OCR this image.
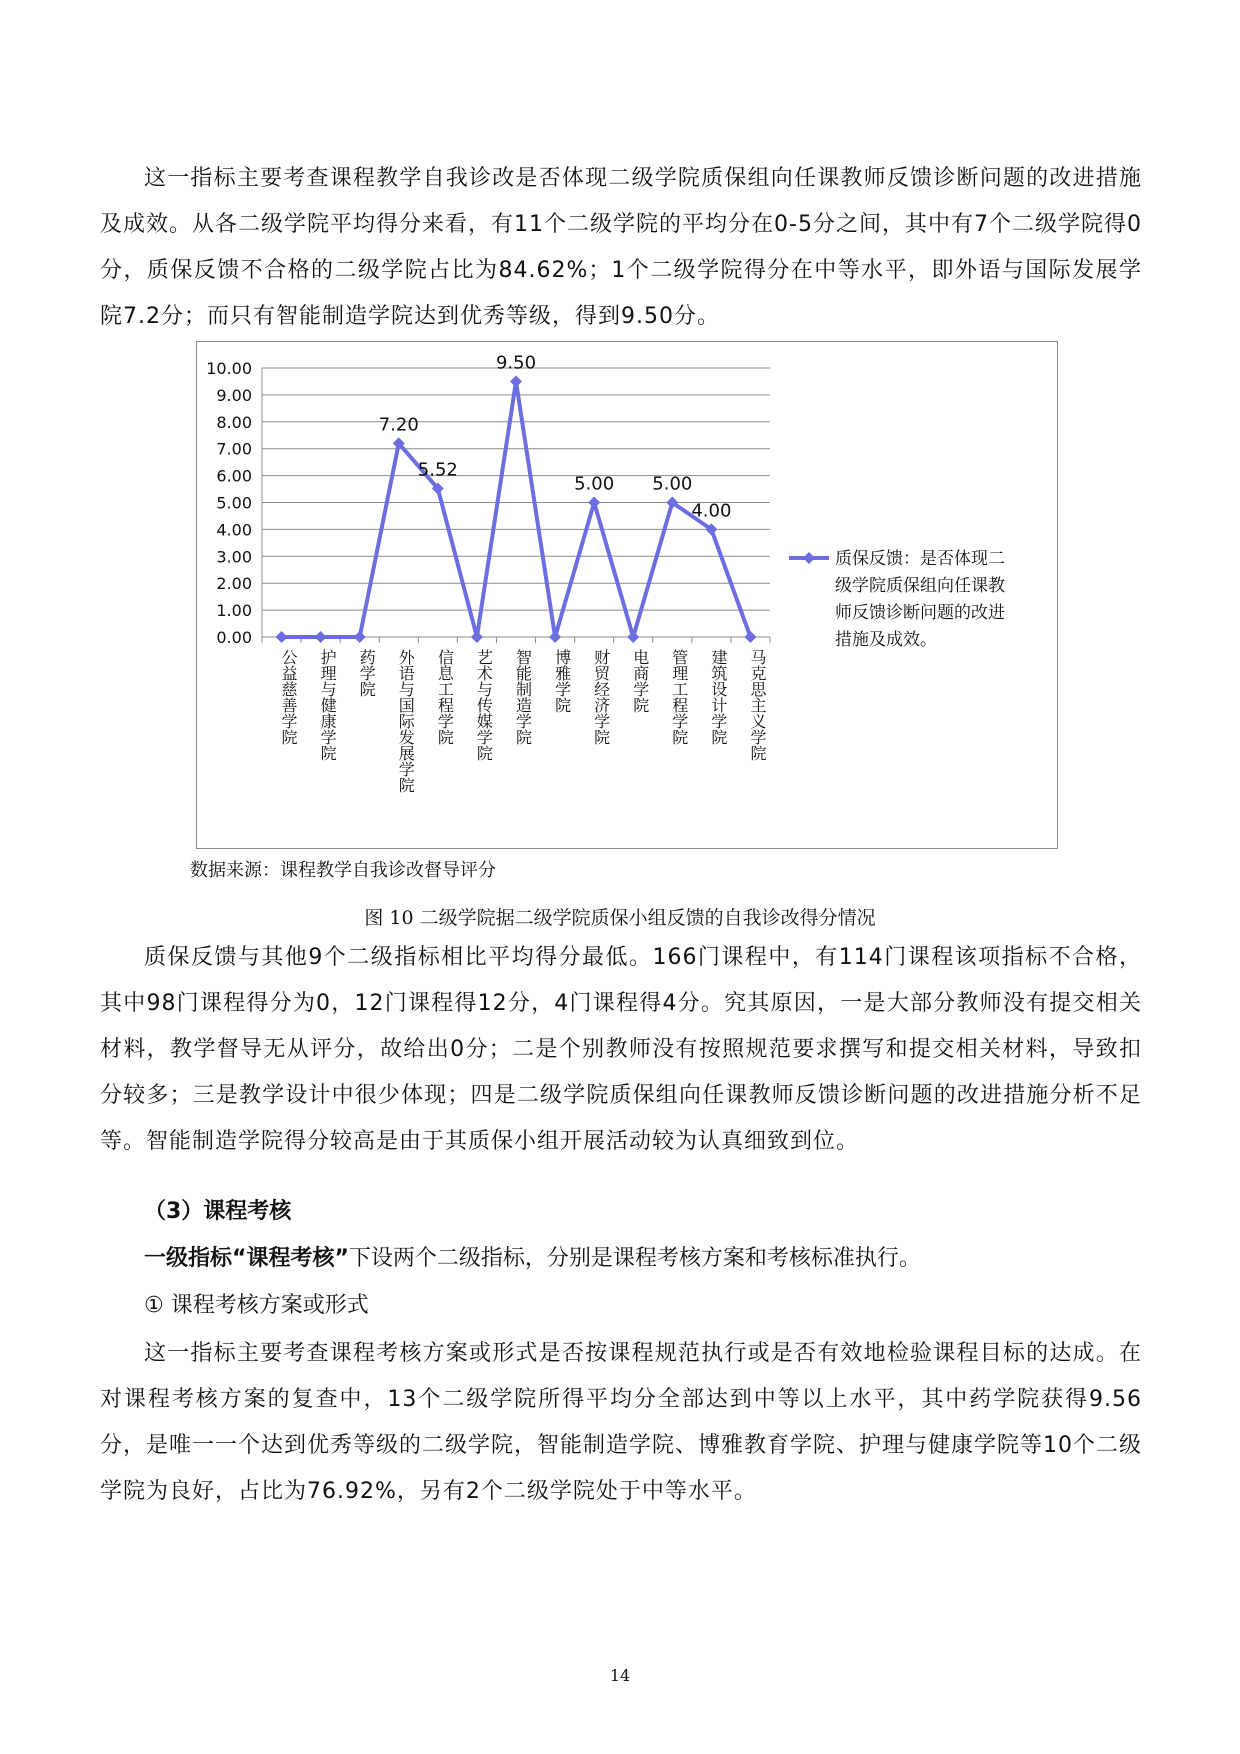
这一指标主要考查课程教学自我诊改是否体现二级学院质保组向任课教师反馈诊断问题的改进措施及成效。从各二级学院平均得分来看，有11个二级学院的平均分在0-5分之间，其中有7个二级学院得0分，质保反馈不合格的二级学院占比为84.62%；1个二级学院得分在中等水平，即外语与国际发展学院7.2分；而只有智能制造学院达到优秀等级，得到9.50分。

0.00
1.00
2.00
3.00
4.00
5.00
6.00
7.00
8.00
9.00
10.00
公益慈善学院 护理与健康学院 药学院 外语与国际发展学院 信息工程学院 艺术与传媒学院 智能制造学院 博雅学院 财贸经济学院 电商学院 管理工程学院 建筑设计学院 马克思主义学院
7.20
5.52
9.50
5.00 5.00
4.00
质保反馈：是否体现二
级学院质保组向任课教
师反馈诊断问题的改进
措施及成效。

数据来源：课程教学自我诊改督导评分

图 10 二级学院据二级学院质保小组反馈的自我诊改得分情况

质保反馈与其他9个二级指标相比平均得分最低。166门课程中，有114门课程该项指标不合格，其中98门课程得分为0，12门课程得12分，4门课程得4分。究其原因，一是大部分教师没有提交相关材料，教学督导无从评分，故给出0分；二是个别教师没有按照规范要求撰写和提交相关材料，导致扣分较多；三是教学设计中很少体现；四是二级学院质保组向任课教师反馈诊断问题的改进措施分析不足等。智能制造学院得分较高是由于其质保小组开展活动较为认真细致到位。

（3）课程考核

一级指标“课程考核”下设两个二级指标，分别是课程考核方案和考核标准执行。

① 课程考核方案或形式

这一指标主要考查课程考核方案或形式是否按课程规范执行或是否有效地检验课程目标的达成。在对课程考核方案的复查中，13个二级学院所得平均分全部达到中等以上水平，其中药学院获得9.56分，是唯一一个达到优秀等级的二级学院，智能制造学院、博雅教育学院、护理与健康学院等10个二级学院为良好，占比为76.92%，另有2个二级学院处于中等水平。

14
